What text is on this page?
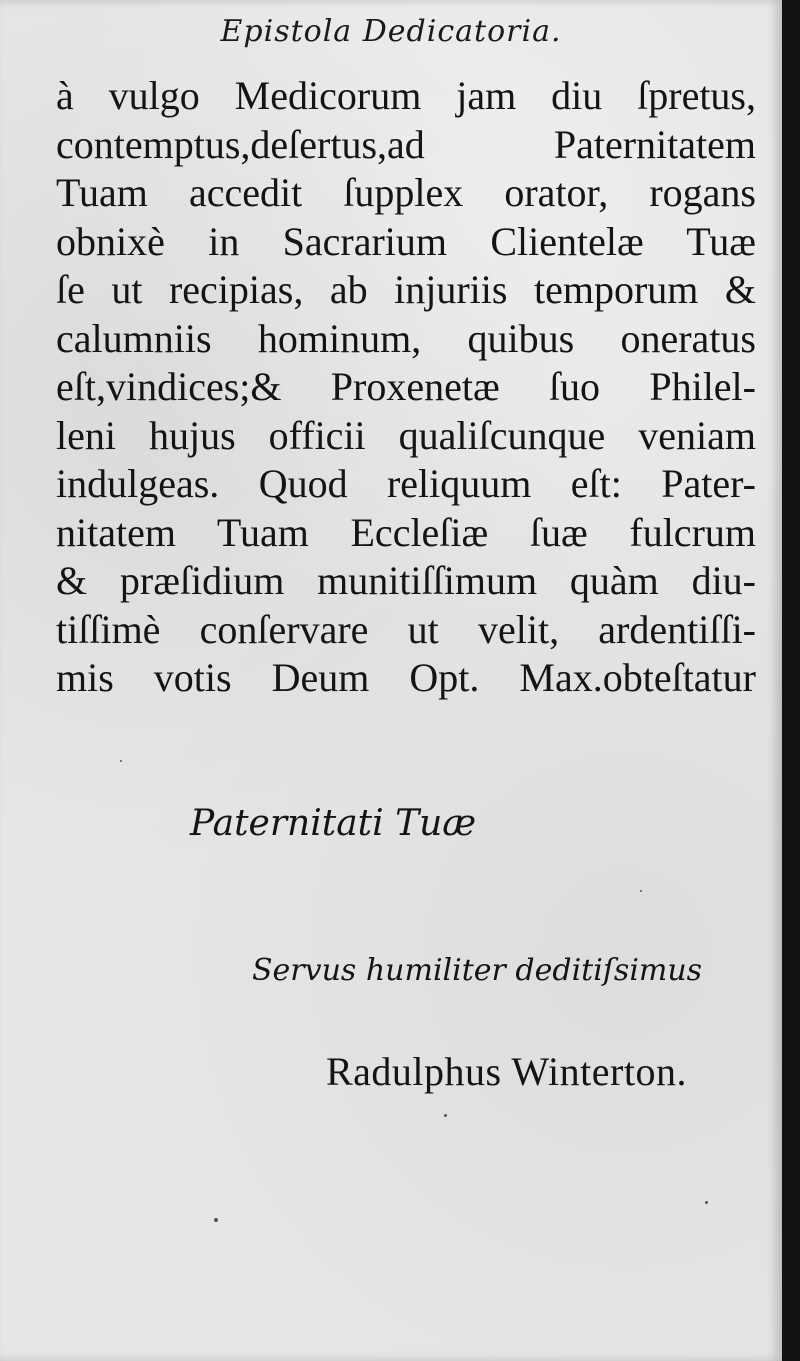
Epistola Dedicatoria.
à vulgo Medicorum jam diu ſpretus,
contemptus,deſertus,ad Paternitatem
Tuam accedit ſupplex orator, rogans
obnixè in Sacrarium Clientelæ Tuæ
ſe ut recipias, ab injuriis temporum &
calumniis hominum, quibus oneratus
eſt,vindices;& Proxenetæ ſuo Philel-
leni hujus officii qualiſcunque veniam
indulgeas. Quod reliquum eſt: Pater-
nitatem Tuam Eccleſiæ ſuæ fulcrum
& præſidium munitiſſimum quàm diu-
tiſſimè conſervare ut velit, ardentiſſi-
mis votis Deum Opt. Max.obteſtatur
Paternitati Tuæ
Servus humiliter deditiſsimus
Radulphus Winterton.
